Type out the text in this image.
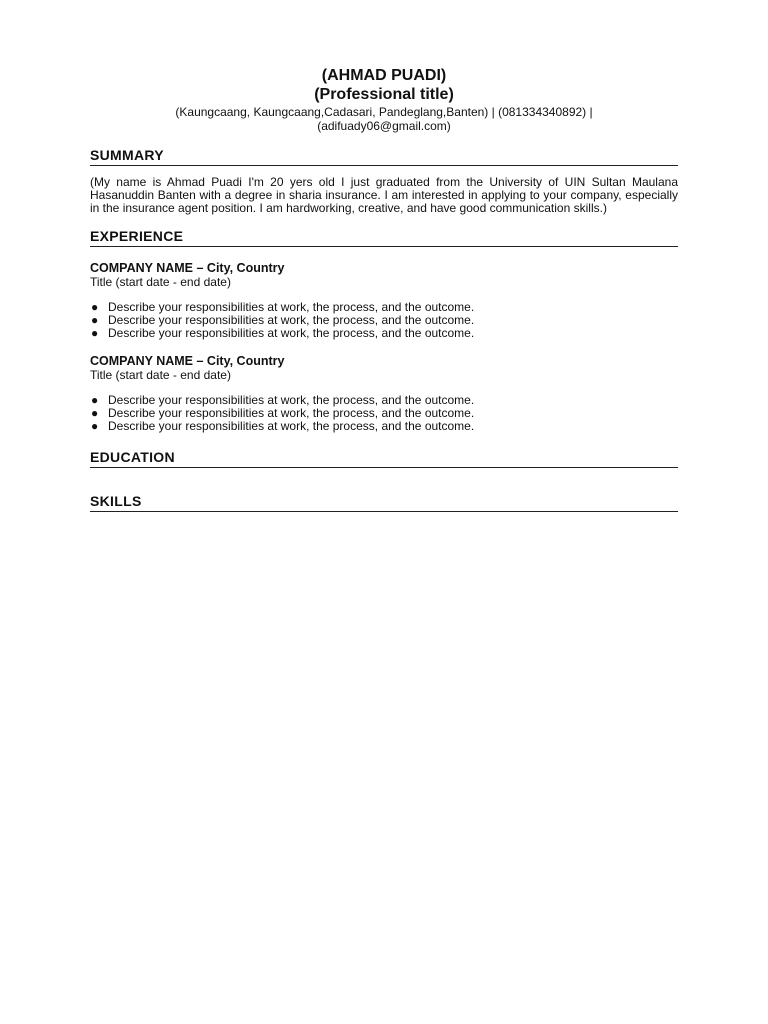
(AHMAD PUADI)

(Professional title)

(Kaungcaang, Kaungcaang,Cadasari, Pandeglang,Banten) | (081334340892) |

(adifuady06@gmail.com)

SUMMARY

(My name is Ahmad Puadi I'm 20 yers old I just graduated from the University of UIN Sultan Maulana Hasanuddin Banten with a degree in sharia insurance. I am interested in applying to your company, especially in the insurance agent position. I am hardworking, creative, and have good communication skills.)

EXPERIENCE

COMPANY NAME – City, Country

Title (start date - end date)

● Describe your responsibilities at work, the process, and the outcome.
● Describe your responsibilities at work, the process, and the outcome.
● Describe your responsibilities at work, the process, and the outcome.

COMPANY NAME – City, Country

Title (start date - end date)

● Describe your responsibilities at work, the process, and the outcome.
● Describe your responsibilities at work, the process, and the outcome.
● Describe your responsibilities at work, the process, and the outcome.
EDUCATION
SKILLS
